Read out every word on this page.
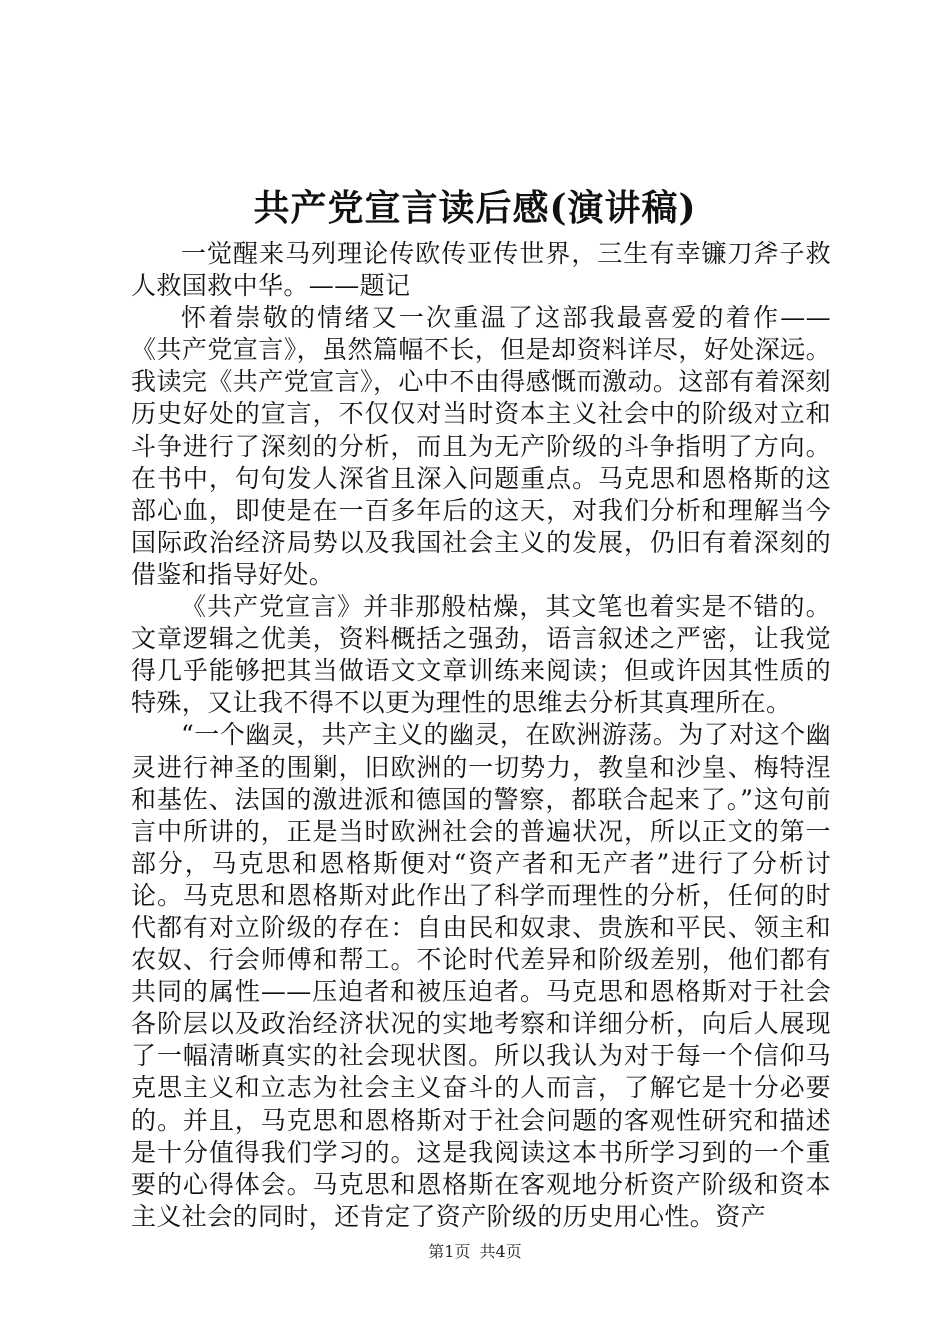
共产党宣言读后感(演讲稿)

一觉醒来马列理论传欧传亚传世界，三生有幸镰刀斧子救人救国救中华。——题记

怀着崇敬的情绪又一次重温了这部我最喜爱的着作——《共产党宣言》，虽然篇幅不长，但是却资料详尽，好处深远。我读完《共产党宣言》，心中不由得感慨而激动。这部有着深刻历史好处的宣言，不仅仅对当时资本主义社会中的阶级对立和斗争进行了深刻的分析，而且为无产阶级的斗争指明了方向。在书中，句句发人深省且深入问题重点。马克思和恩格斯的这部心血，即使是在一百多年后的这天，对我们分析和理解当今国际政治经济局势以及我国社会主义的发展，仍旧有着深刻的借鉴和指导好处。

《共产党宣言》并非那般枯燥，其文笔也着实是不错的。文章逻辑之优美，资料概括之强劲，语言叙述之严密，让我觉得几乎能够把其当做语文文章训练来阅读；但或许因其性质的特殊，又让我不得不以更为理性的思维去分析其真理所在。

“一个幽灵，共产主义的幽灵，在欧洲游荡。为了对这个幽灵进行神圣的围剿，旧欧洲的一切势力，教皇和沙皇、梅特涅和基佐、法国的激进派和德国的警察，都联合起来了。”这句前言中所讲的，正是当时欧洲社会的普遍状况，所以正文的第一部分，马克思和恩格斯便对“资产者和无产者”进行了分析讨论。马克思和恩格斯对此作出了科学而理性的分析，任何的时代都有对立阶级的存在：自由民和奴隶、贵族和平民、领主和农奴、行会师傅和帮工。不论时代差异和阶级差别，他们都有共同的属性——压迫者和被压迫者。马克思和恩格斯对于社会各阶层以及政治经济状况的实地考察和详细分析，向后人展现了一幅清晰真实的社会现状图。所以我认为对于每一个信仰马克思主义和立志为社会主义奋斗的人而言，了解它是十分必要的。并且，马克思和恩格斯对于社会问题的客观性研究和描述是十分值得我们学习的。这是我阅读这本书所学习到的一个重要的心得体会。马克思和恩格斯在客观地分析资产阶级和资本主义社会的同时，还肯定了资产阶级的历史用心性。资产

第1页 共4页
